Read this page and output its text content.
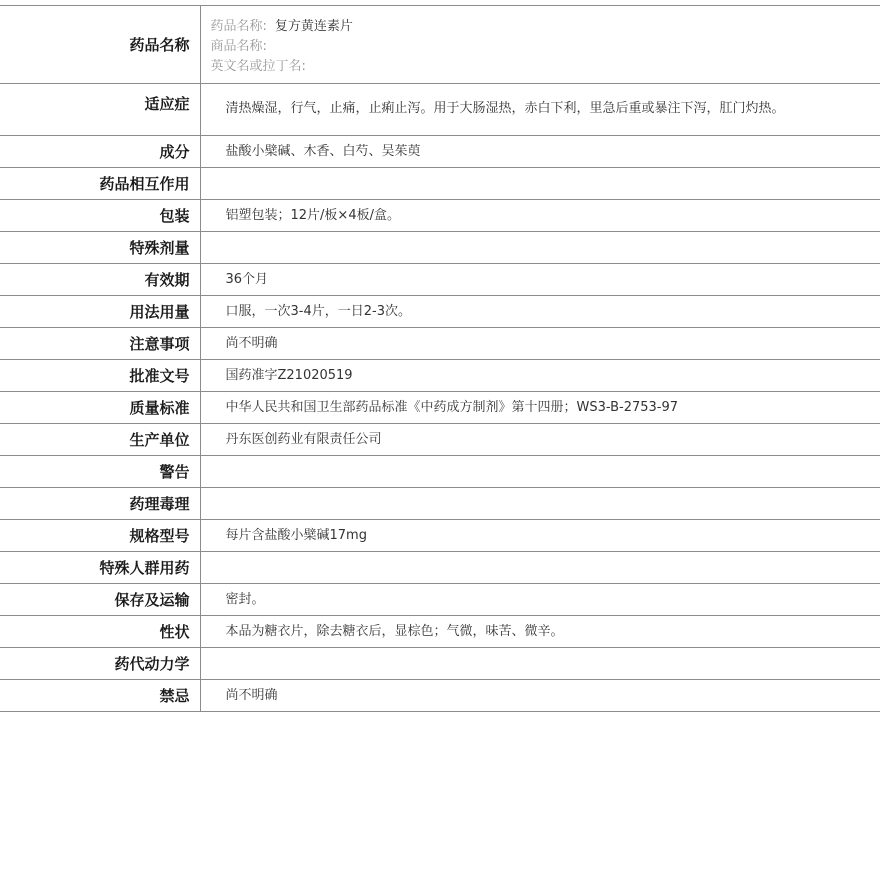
药品名称	药品名称: 复方黄连素片
商品名称:
英文名或拉丁名:

适应症	清热燥湿，行气，止痛，止痢止泻。用于大肠湿热，赤白下利，里急后重或暴注下泻，肛门灼热。
成分	盐酸小檗碱、木香、白芍、吴茱萸
药品相互作用	
包装	铝塑包装；12片/板×4板/盒。
特殊剂量	
有效期	36个月
用法用量	口服，一次3-4片，一日2-3次。
注意事项	尚不明确
批准文号	国药准字Z21020519
质量标准	中华人民共和国卫生部药品标准《中药成方制剂》第十四册；WS3-B-2753-97
生产单位	丹东医创药业有限责任公司
警告	
药理毒理	
规格型号	每片含盐酸小檗碱17mg
特殊人群用药	
保存及运输	密封。
性状	本品为糖衣片，除去糖衣后，显棕色；气微，味苦、微辛。
药代动力学	
禁忌	尚不明确
